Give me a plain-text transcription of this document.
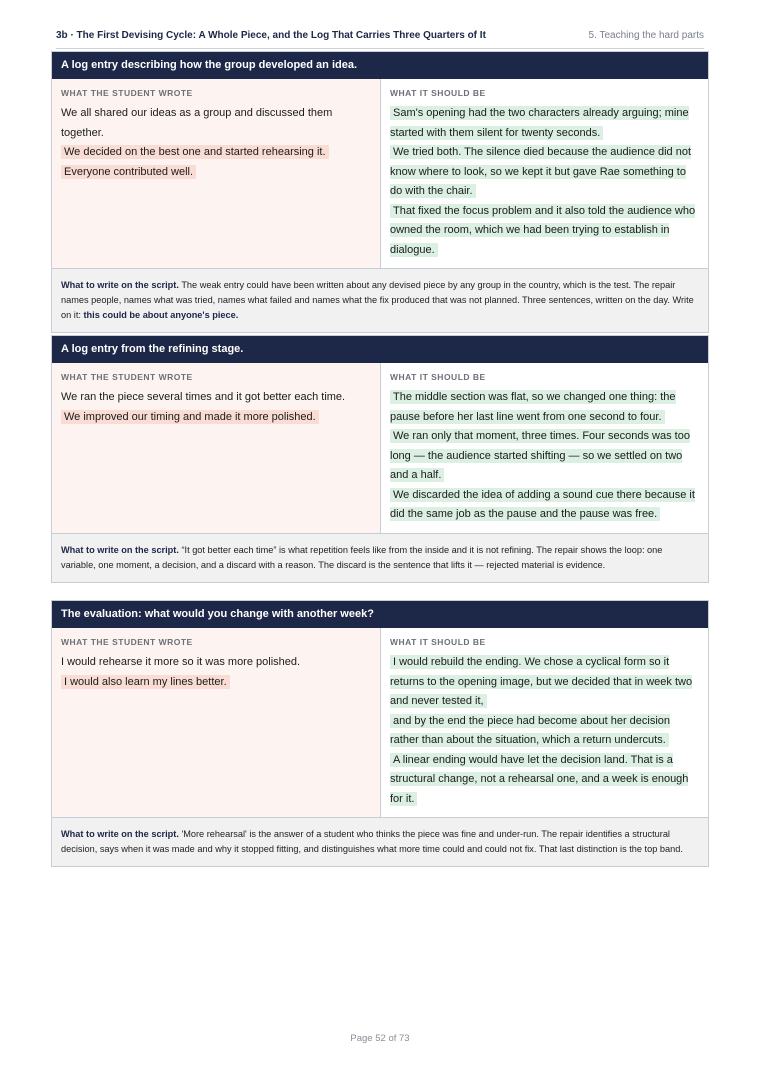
3b · The First Devising Cycle: A Whole Piece, and the Log That Carries Three Quarters of It	5. Teaching the hard parts
A log entry describing how the group developed an idea.
WHAT THE STUDENT WROTE

We all shared our ideas as a group and discussed them together.

We decided on the best one and started rehearsing it.

Everyone contributed well.

WHAT IT SHOULD BE

Sam's opening had the two characters already arguing; mine started with them silent for twenty seconds.

We tried both. The silence died because the audience did not know where to look, so we kept it but gave Rae something to do with the chair.

That fixed the focus problem and it also told the audience who owned the room, which we had been trying to establish in dialogue.

What to write on the script. The weak entry could have been written about any devised piece by any group in the country, which is the test. The repair names people, names what was tried, names what failed and names what the fix produced that was not planned. Three sentences, written on the day. Write on it: this could be about anyone's piece.
A log entry from the refining stage.
WHAT THE STUDENT WROTE

We ran the piece several times and it got better each time.

We improved our timing and made it more polished.

WHAT IT SHOULD BE

The middle section was flat, so we changed one thing: the pause before her last line went from one second to four.

We ran only that moment, three times. Four seconds was too long — the audience started shifting — so we settled on two and a half.

We discarded the idea of adding a sound cue there because it did the same job as the pause and the pause was free.

What to write on the script. “It got better each time” is what repetition feels like from the inside and it is not refining. The repair shows the loop: one variable, one moment, a decision, and a discard with a reason. The discard is the sentence that lifts it — rejected material is evidence.
The evaluation: what would you change with another week?
WHAT THE STUDENT WROTE

I would rehearse it more so it was more polished.

I would also learn my lines better.

WHAT IT SHOULD BE

I would rebuild the ending. We chose a cyclical form so it returns to the opening image, but we decided that in week two and never tested it,

and by the end the piece had become about her decision rather than about the situation, which a return undercuts.

A linear ending would have let the decision land. That is a structural change, not a rehearsal one, and a week is enough for it.

What to write on the script. 'More rehearsal' is the answer of a student who thinks the piece was fine and under-run. The repair identifies a structural decision, says when it was made and why it stopped fitting, and distinguishes what more time could and could not fix. That last distinction is the top band.
Page 52 of 73
